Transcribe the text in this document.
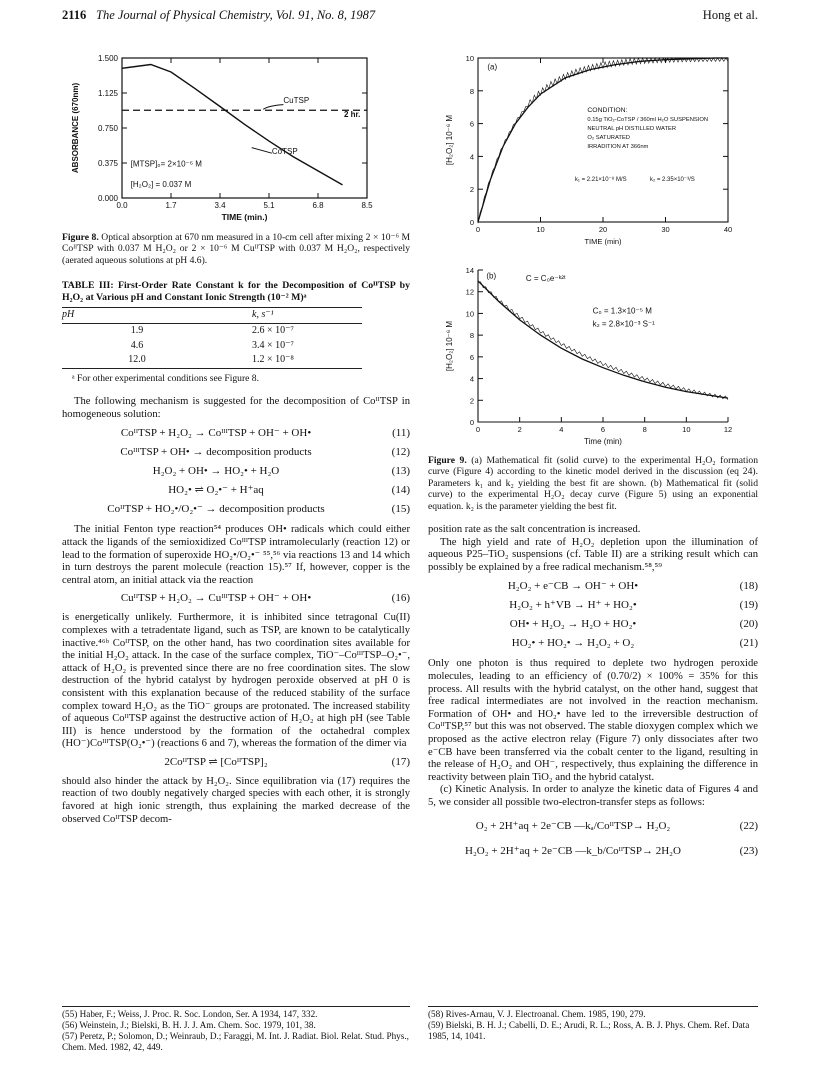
2116 The Journal of Physical Chemistry, Vol. 91, No. 8, 1987	Hong et al.
1.500
1.125
0.750
0.375
0.000
0.0	1.7	3.4	5.1	6.8	8.5
TIME (min.)
ABSORBANCE (670nm)	CuTSP
2 hr.
CoTSP
[MTSP]₀= 2×10⁻⁶ M
[H₂O₂] = 0.037 M

Figure 8. Optical absorption at 670 nm measured in a 10-cm cell after mixing 2 × 10⁻⁶ M CoᴵᴵTSP with 0.037 M H₂O₂ or 2 × 10⁻⁶ M CuᴵᴵTSP with 0.037 M H₂O₂, respectively (aerated aqueous solutions at pH 4.6).

TABLE III: First-Order Rate Constant k for the Decomposition of CoᴵᴵTSP by H₂O₂ at Various pH and Constant Ionic Strength (10⁻² M)ᵃ

pH	k, s⁻¹
1.9	2.6 × 10⁻⁷
4.6	3.4 × 10⁻⁷
12.0	1.2 × 10⁻⁸

ᵃ For other experimental conditions see Figure 8.

The following mechanism is suggested for the decomposition of CoᴵᴵTSP in homogeneous solution:

CoᴵᴵTSP + H₂O₂ → CoᴵᴵᴵTSP + OH⁻ + OH•	(11)
CoᴵᴵᴵTSP + OH• → decomposition products	(12)
H₂O₂ + OH• → HO₂• + H₂O	(13)
HO₂• ⇌ O₂•⁻ + H⁺aq	(14)
CoᴵᴵTSP + HO₂•/O₂•⁻ → decomposition products	(15)

The initial Fenton type reaction⁵⁴ produces OH• radicals which could either attack the ligands of the semioxidized CoᴵᴵᴵTSP intramolecularly (reaction 12) or lead to the formation of superoxide HO₂•/O₂•⁻ ⁵⁵,⁵⁶ via reactions 13 and 14 which in turn destroys the parent molecule (reaction 15).⁵⁷ If, however, copper is the central atom, an initial attack via the reaction

CuᴵᴵTSP + H₂O₂ → CuᴵᴵᴵTSP + OH⁻ + OH•	(16)

is energetically unlikely. Furthermore, it is inhibited since tetragonal Cu(II) complexes with a tetradentate ligand, such as TSP, are known to be catalytically inactive.⁴⁶ᵇ CoᴵᴵTSP, on the other hand, has two coordination sites available for the initial H₂O₂ attack. In the case of the surface complex, TiO⁻–CoᴵᴵᴵTSP–O₂•⁻, attack of H₂O₂ is prevented since there are no free coordination sites. The slow destruction of the hybrid catalyst by hydrogen peroxide observed at pH 0 is consistent with this explanation because of the reduced stability of the surface complex toward H₂O₂ as the TiO⁻ groups are protonated. The increased stability of aqueous CoᴵᴵTSP against the destructive action of H₂O₂ at high pH (see Table III) is hence understood by the formation of the octahedral complex (HO⁻)CoᴵᴵᴵTSP(O₂•⁻) (reactions 6 and 7), whereas the formation of the dimer via

2CoᴵᴵTSP ⇌ [CoᴵᴵTSP]₂	(17)

should also hinder the attack by H₂O₂. Since equilibration via (17) requires the reaction of two doubly negatively charged species with each other, it is strongly favored at high ionic strength, thus explaining the marked decrease of the observed CoᴵᴵTSP decom-

(55) Haber, F.; Weiss, J. Proc. R. Soc. London, Ser. A 1934, 147, 332.

(56) Weinstein, J.; Bielski, B. H. J. J. Am. Chem. Soc. 1979, 101, 38.

(57) Peretz, P.; Solomon, D.; Weinraub, D.; Faraggi, M. Int. J. Radiat. Biol. Relat. Stud. Phys., Chem. Med. 1982, 42, 449.

10
8
6
4
2
0
0	10	20	30	40
TIME (min)
[H₂O₂] 10⁻⁶ M
(a)
CONDITION:
0.15g TiO₂-CoTSP / 360ml H₂O SUSPENSION
NEUTRAL pH DISTILLED WATER
O₂ SATURATED
IRRADITION AT 366nm
k₁ = 2.21×10⁻⁸ M/S	k₂ = 2.35×10⁻³/S
14
12
10
8
6
4
2
0
0	2	4	6	8	10	12
Time (min)
[H₂O₂] 10⁻⁶ M
(b)	C = C₀e⁻ᵏ²ᵗ
C₀ = 1.3×10⁻⁵ M
k₂ = 2.8×10⁻³ S⁻¹

Figure 9. (a) Mathematical fit (solid curve) to the experimental H₂O₂ formation curve (Figure 4) according to the kinetic model derived in the discussion (eq 24). Parameters k₁ and k₂ yielding the best fit are shown. (b) Mathematical fit (solid curve) to the experimental H₂O₂ decay curve (Figure 5) using an exponential equation. k₂ is the parameter yielding the best fit.

position rate as the salt concentration is increased.

The high yield and rate of H₂O₂ depletion upon the illumination of aqueous P25–TiO₂ suspensions (cf. Table II) are a striking result which can possibly be explained by a free radical mechanism.⁵⁸,⁵⁹

H₂O₂ + e⁻CB → OH⁻ + OH•	(18)
H₂O₂ + h⁺VB → H⁺ + HO₂•	(19)
OH• + H₂O₂ → H₂O + HO₂•	(20)
HO₂• + HO₂• → H₂O₂ + O₂	(21)

Only one photon is thus required to deplete two hydrogen peroxide molecules, leading to an efficiency of (0.70/2) × 100% = 35% for this process. All results with the hybrid catalyst, on the other hand, suggest that free radical intermediates are not involved in the reaction mechanism. Formation of OH• and HO₂• have led to the irreversible destruction of CoᴵᴵTSP,⁵⁷ but this was not observed. The stable dioxygen complex which we proposed as the active electron relay (Figure 7) only dissociates after two e⁻CB have been transferred via the cobalt center to the ligand, resulting in the release of H₂O₂ and OH⁻, respectively, thus explaining the difference in reactivity between plain TiO₂ and the hybrid catalyst.

(c) Kinetic Analysis. In order to analyze the kinetic data of Figures 4 and 5, we consider all possible two-electron-transfer steps as follows:

O₂ + 2H⁺aq + 2e⁻CB —kₐ/CoᴵᴵTSP→ H₂O₂	(22)
H₂O₂ + 2H⁺aq + 2e⁻CB —k_b/CoᴵᴵTSP→ 2H₂O	(23)

(58) Rives-Arnau, V. J. Electroanal. Chem. 1985, 190, 279.

(59) Bielski, B. H. J.; Cabelli, D. E.; Arudi, R. L.; Ross, A. B. J. Phys. Chem. Ref. Data 1985, 14, 1041.
